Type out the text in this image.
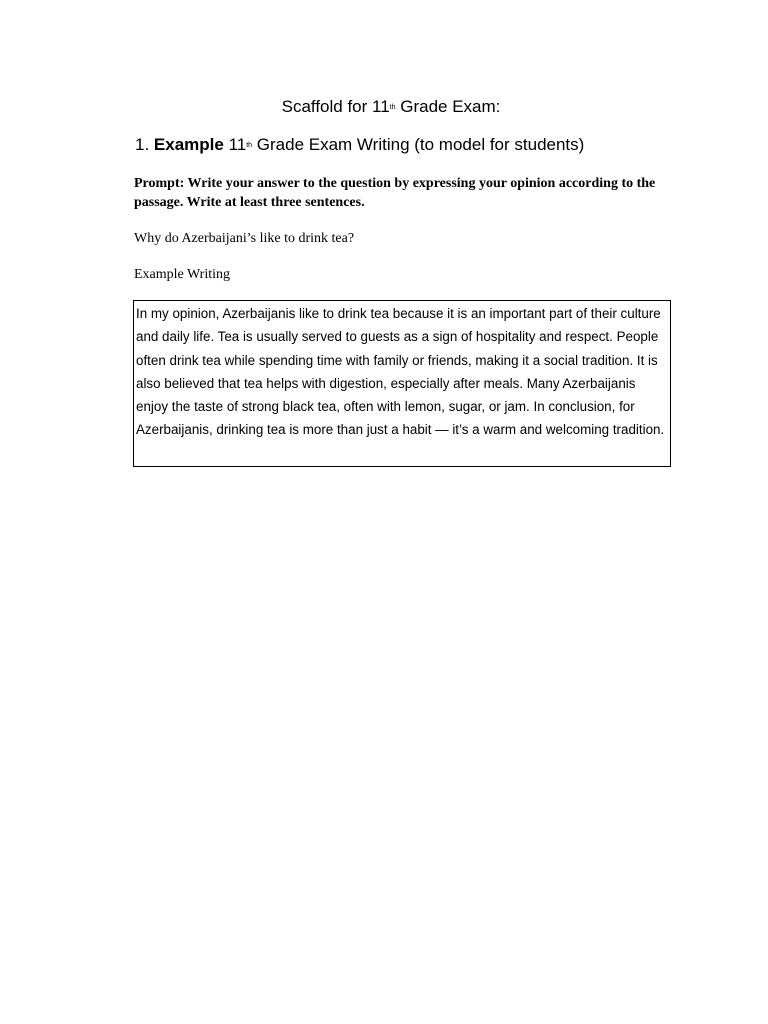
Scaffold for 11th Grade Exam:
1. Example 11th Grade Exam Writing (to model for students)
Prompt: Write your answer to the question by expressing your opinion according to the passage. Write at least three sentences.
Why do Azerbaijani’s like to drink tea?
Example Writing
In my opinion, Azerbaijanis like to drink tea because it is an important part of their culture and daily life. Tea is usually served to guests as a sign of hospitality and respect. People often drink tea while spending time with family or friends, making it a social tradition. It is also believed that tea helps with digestion, especially after meals. Many Azerbaijanis enjoy the taste of strong black tea, often with lemon, sugar, or jam. In conclusion, for Azerbaijanis, drinking tea is more than just a habit — it’s a warm and welcoming tradition.
